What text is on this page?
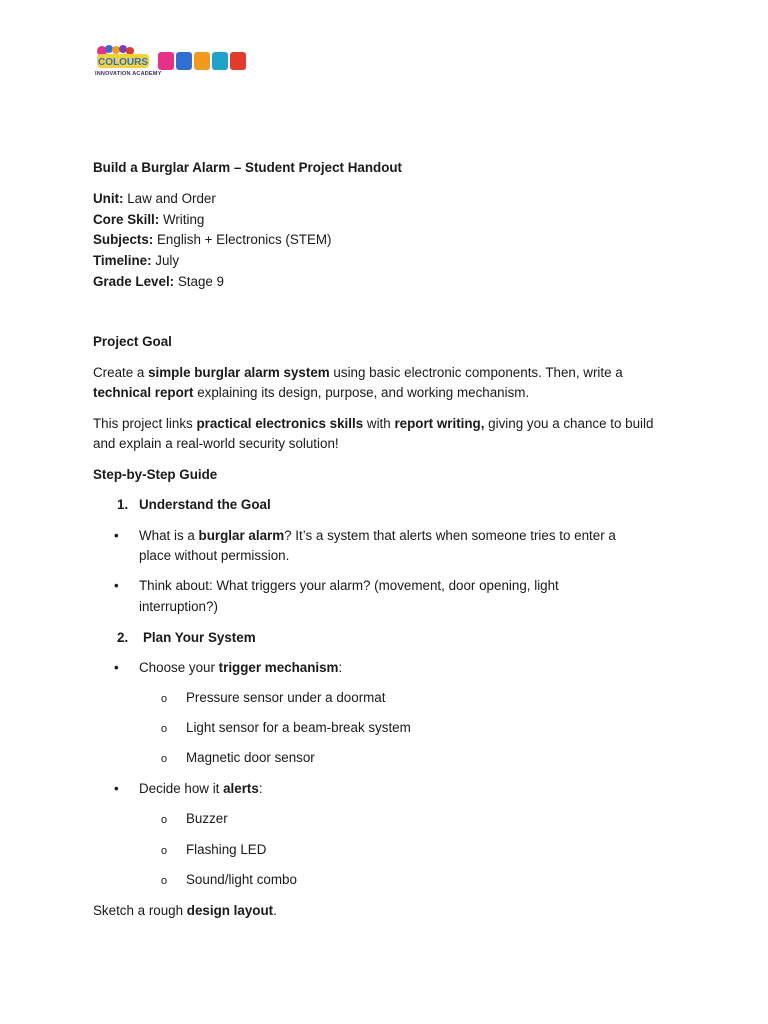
COLOURS
INNOVATION ACADEMY
Build a Burglar Alarm – Student Project Handout
Unit: Law and Order
Core Skill: Writing
Subjects: English + Electronics (STEM)
Timeline: July
Grade Level: Stage 9
Project Goal
Create a simple burglar alarm system using basic electronic components. Then, write a
technical report explaining its design, purpose, and working mechanism.
This project links practical electronics skills with report writing, giving you a chance to build
and explain a real-world security solution!
Step-by-Step Guide
1. Understand the Goal
• What is a burglar alarm? It’s a system that alerts when someone tries to enter a
place without permission.
• Think about: What triggers your alarm? (movement, door opening, light
interruption?)
2. Plan Your System
• Choose your trigger mechanism:
o Pressure sensor under a doormat
o Light sensor for a beam-break system
o Magnetic door sensor
• Decide how it alerts:
o Buzzer
o Flashing LED
o Sound/light combo
Sketch a rough design layout.
